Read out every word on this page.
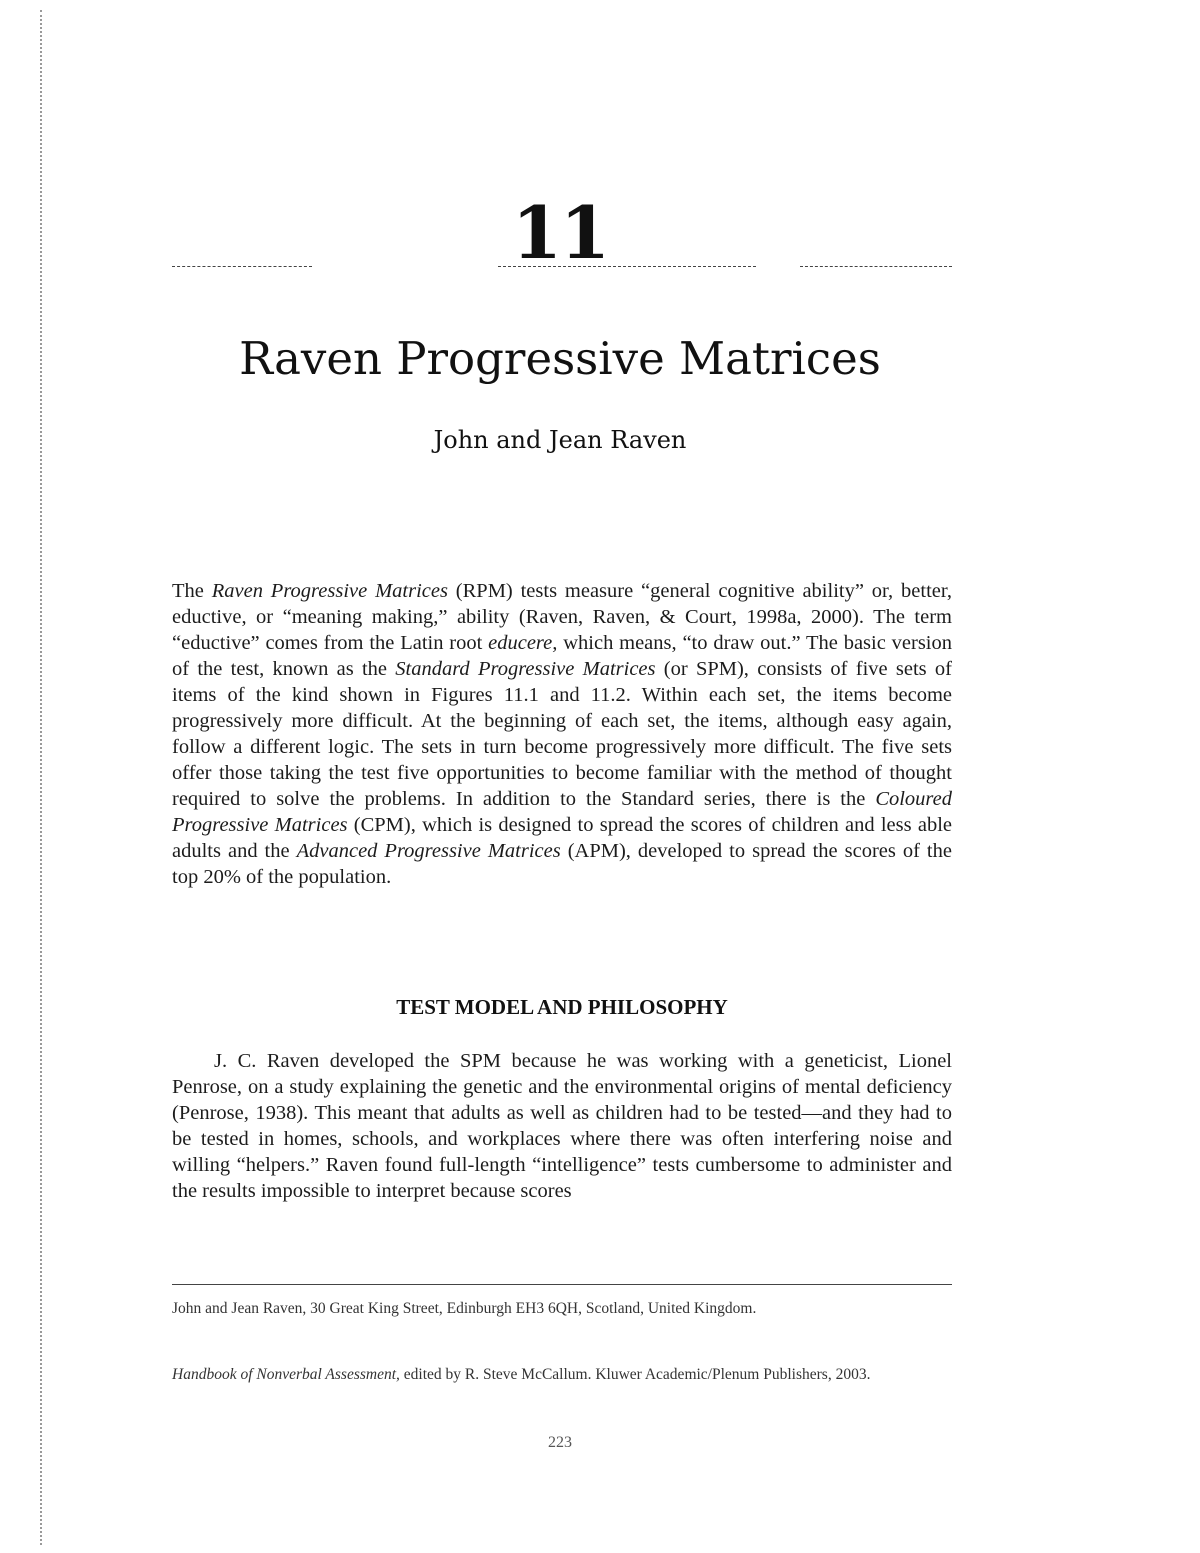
11
Raven Progressive Matrices
John and Jean Raven

The Raven Progressive Matrices (RPM) tests measure “general cognitive ability” or, better, eductive, or “meaning making,” ability (Raven, Raven, & Court, 1998a, 2000). The term “eductive” comes from the Latin root educere, which means, “to draw out.” The basic version of the test, known as the Standard Progressive Matrices (or SPM), consists of five sets of items of the kind shown in Figures 11.1 and 11.2. Within each set, the items become progressively more difficult. At the beginning of each set, the items, although easy again, follow a different logic. The sets in turn become progressively more difficult. The five sets offer those taking the test five opportunities to become familiar with the method of thought required to solve the problems. In addition to the Standard series, there is the Coloured Progressive Matrices (CPM), which is designed to spread the scores of children and less able adults and the Advanced Progressive Matrices (APM), developed to spread the scores of the top 20% of the population.

TEST MODEL AND PHILOSOPHY

J. C. Raven developed the SPM because he was working with a geneticist, Lionel Penrose, on a study explaining the genetic and the environmental origins of mental deficiency (Penrose, 1938). This meant that adults as well as children had to be tested—and they had to be tested in homes, schools, and workplaces where there was often interfering noise and willing “helpers.” Raven found full-length “intelligence” tests cumbersome to administer and the results impossible to interpret because scores

John and Jean Raven, 30 Great King Street, Edinburgh EH3 6QH, Scotland, United Kingdom.

Handbook of Nonverbal Assessment, edited by R. Steve McCallum. Kluwer Academic/Plenum Publishers, 2003.

223
